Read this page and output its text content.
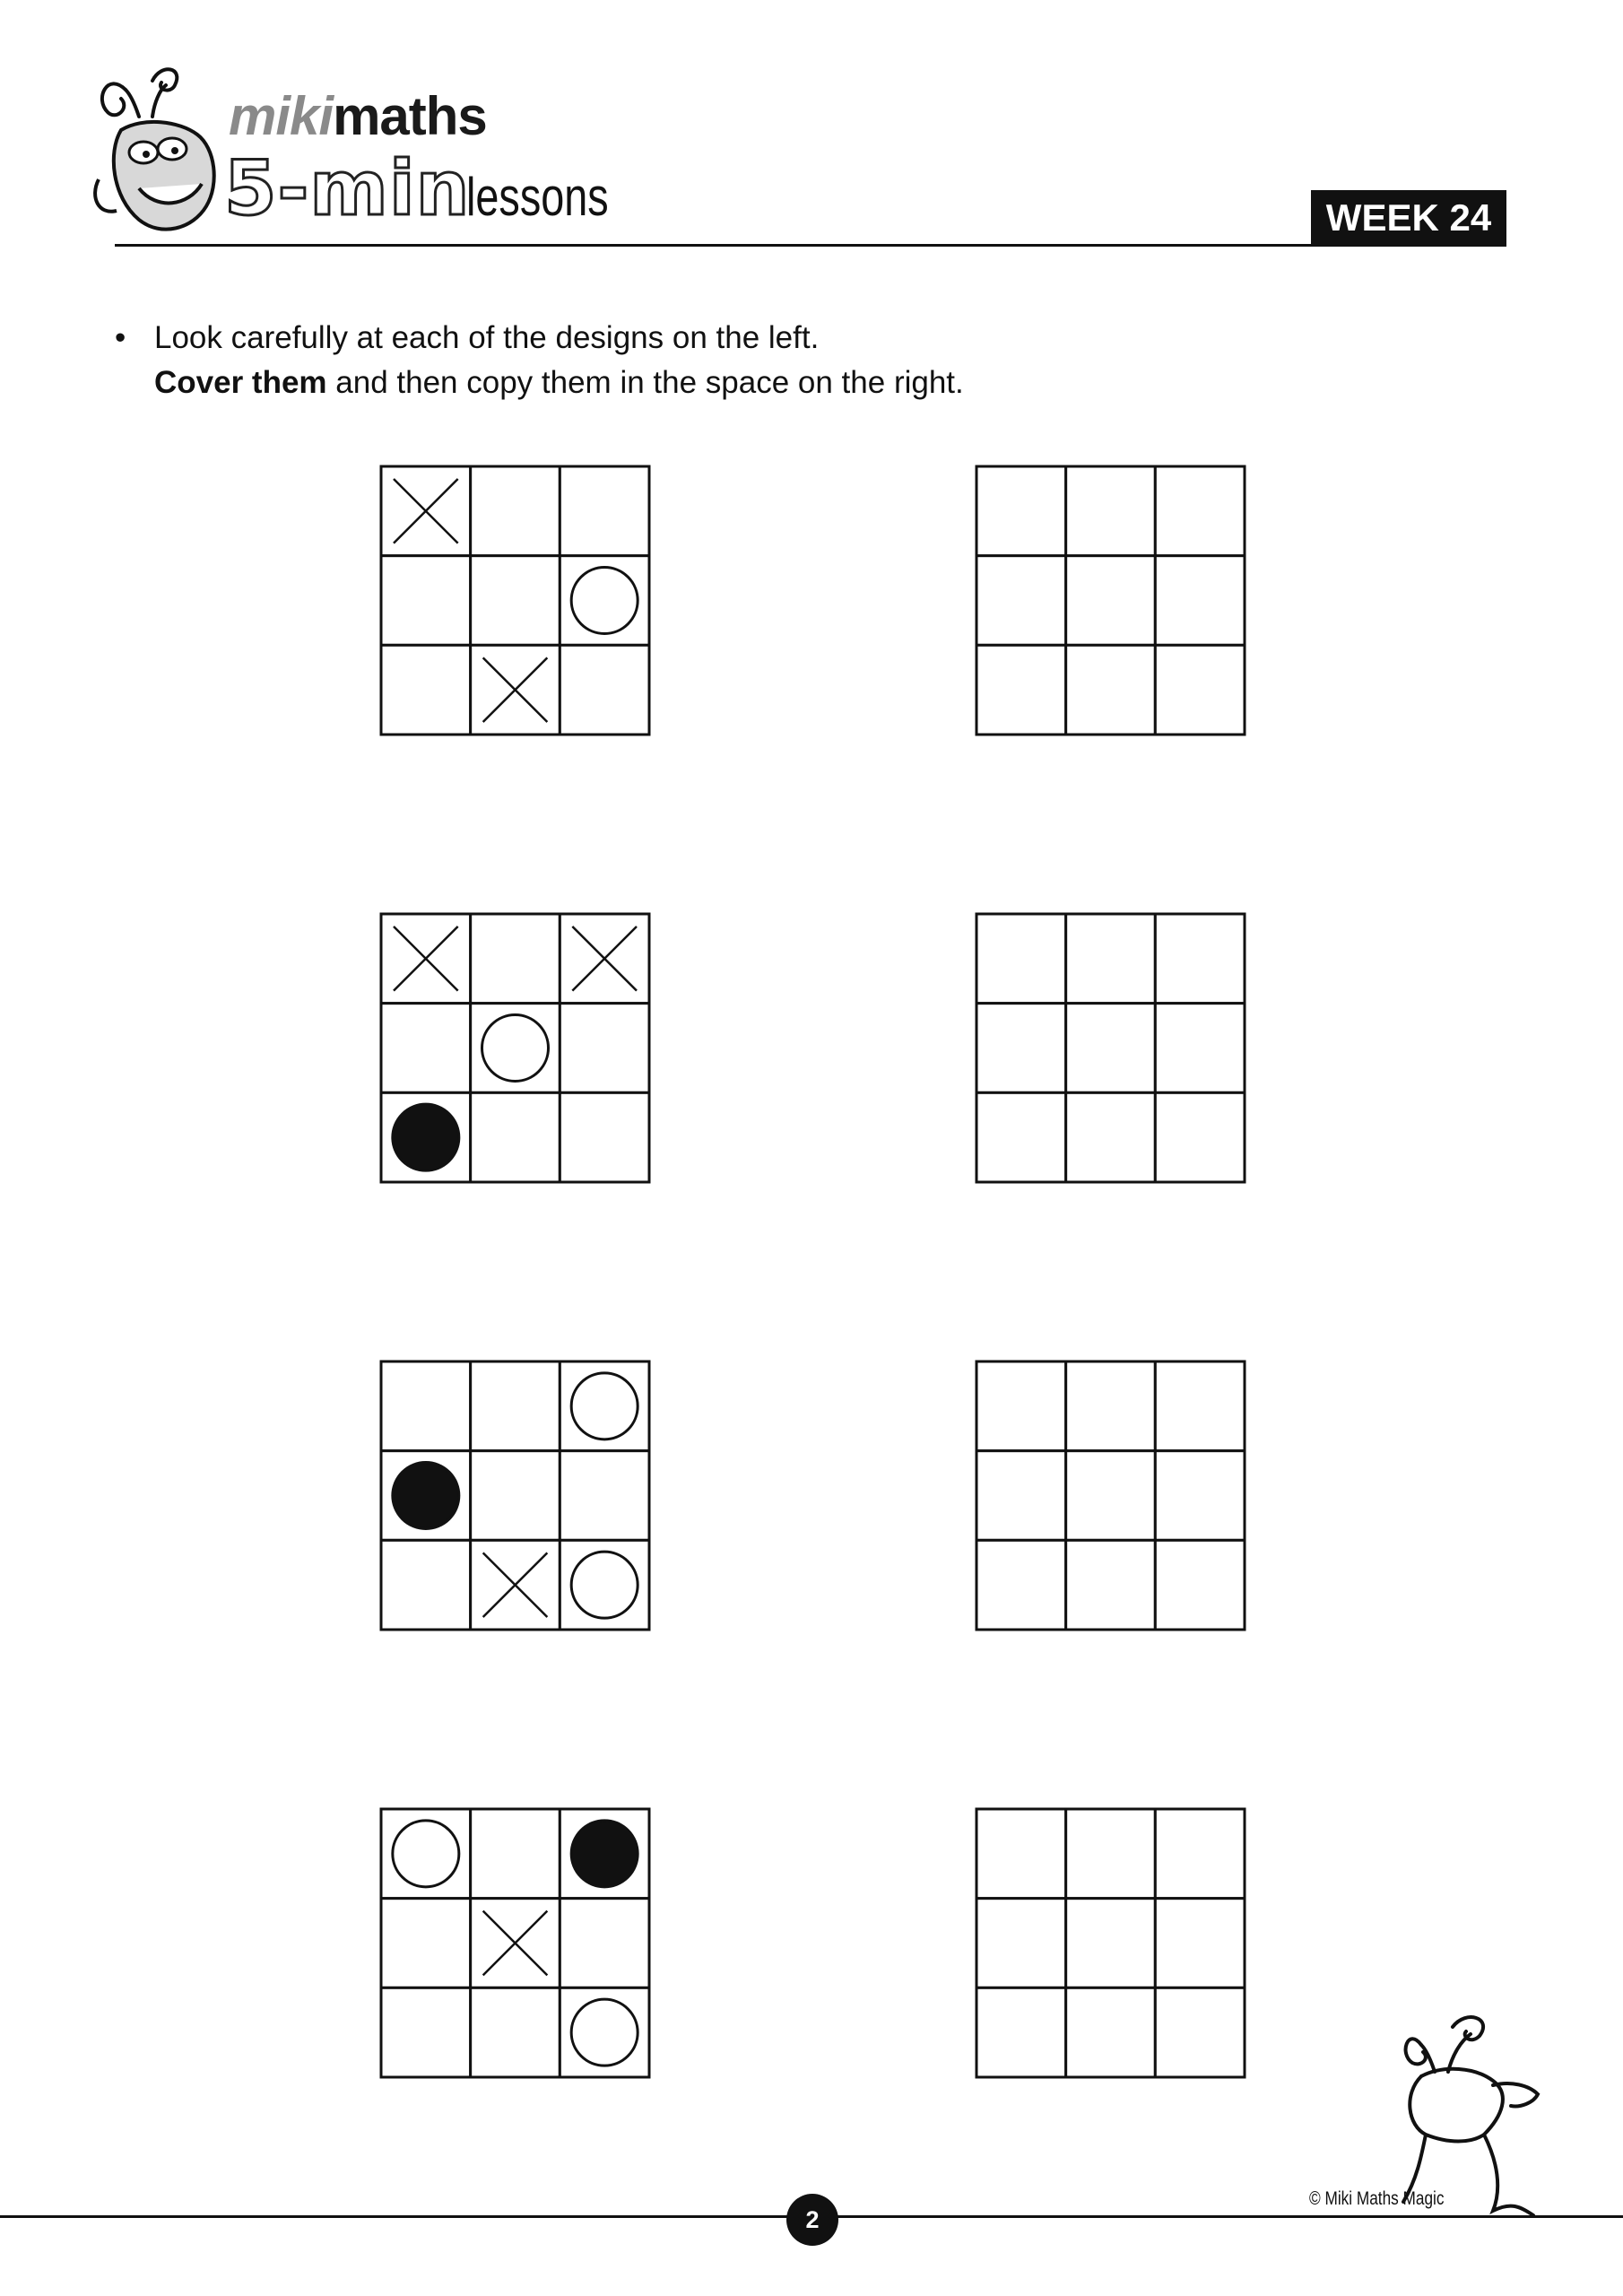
mikimaths
5-min
lessons	WEEK 24
• Look carefully at each of the designs on the left.
Cover them and then copy them in the space on the right.
© Miki Maths Magic
2
